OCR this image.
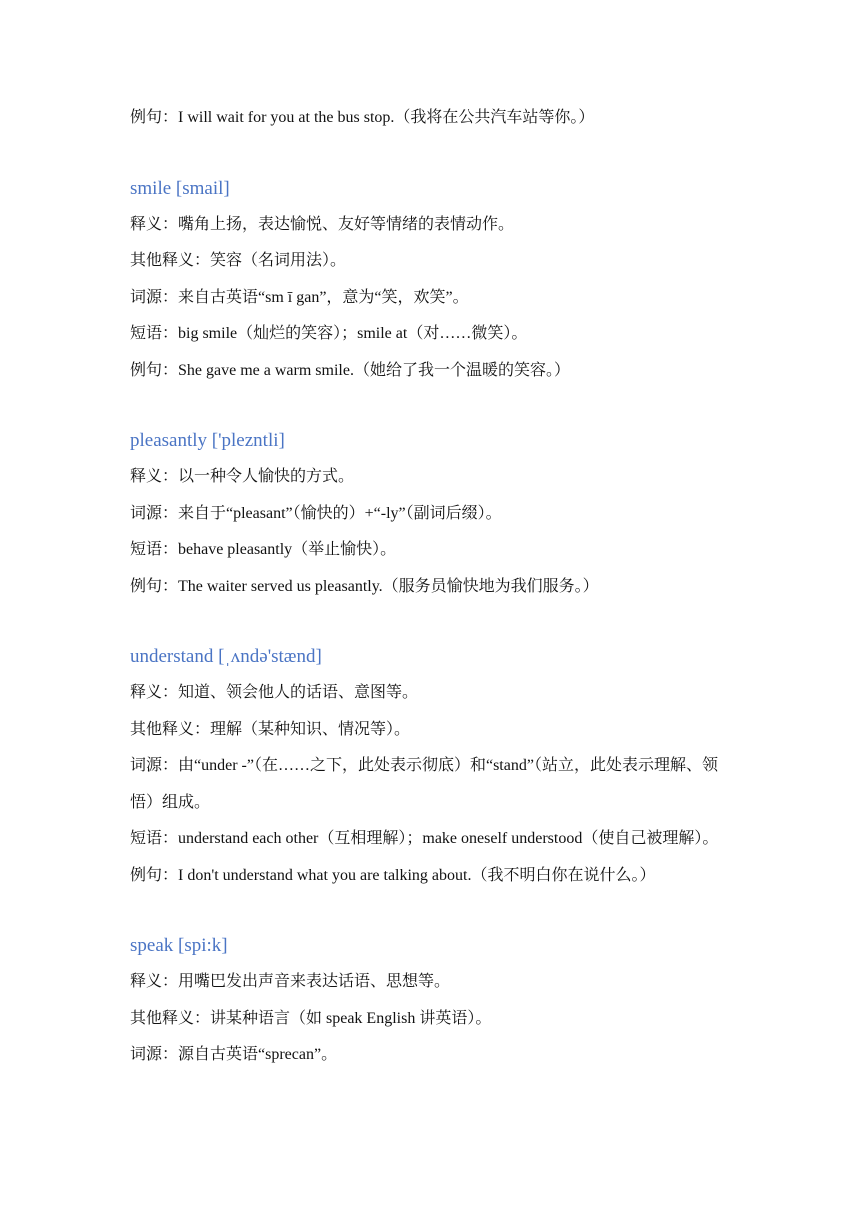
例句：I will wait for you at the bus stop.（我将在公共汽车站等你。）
smile [smail]
释义：嘴角上扬，表达愉悦、友好等情绪的表情动作。
其他释义：笑容（名词用法）。
词源：来自古英语“sm ī gan”，意为“笑，欢笑”。
短语：big smile（灿烂的笑容）；smile at（对……微笑）。
例句：She gave me a warm smile.（她给了我一个温暖的笑容。）
pleasantly ['plezntli]
释义：以一种令人愉快的方式。
词源：来自于“pleasant”（愉快的）+“-ly”（副词后缀）。
短语：behave pleasantly（举止愉快）。
例句：The waiter served us pleasantly.（服务员愉快地为我们服务。）
understand [ˌʌndə'stænd]
释义：知道、领会他人的话语、意图等。
其他释义：理解（某种知识、情况等）。
词源：由“under -”（在……之下，此处表示彻底）和“stand”（站立，此处表示理解、领悟）组成。
短语：understand each other（互相理解）；make oneself understood（使自己被理解）。
例句：I don't understand what you are talking about.（我不明白你在说什么。）
speak [spi:k]
释义：用嘴巴发出声音来表达话语、思想等。
其他释义：讲某种语言（如 speak English 讲英语）。
词源：源自古英语“sprecan”。
